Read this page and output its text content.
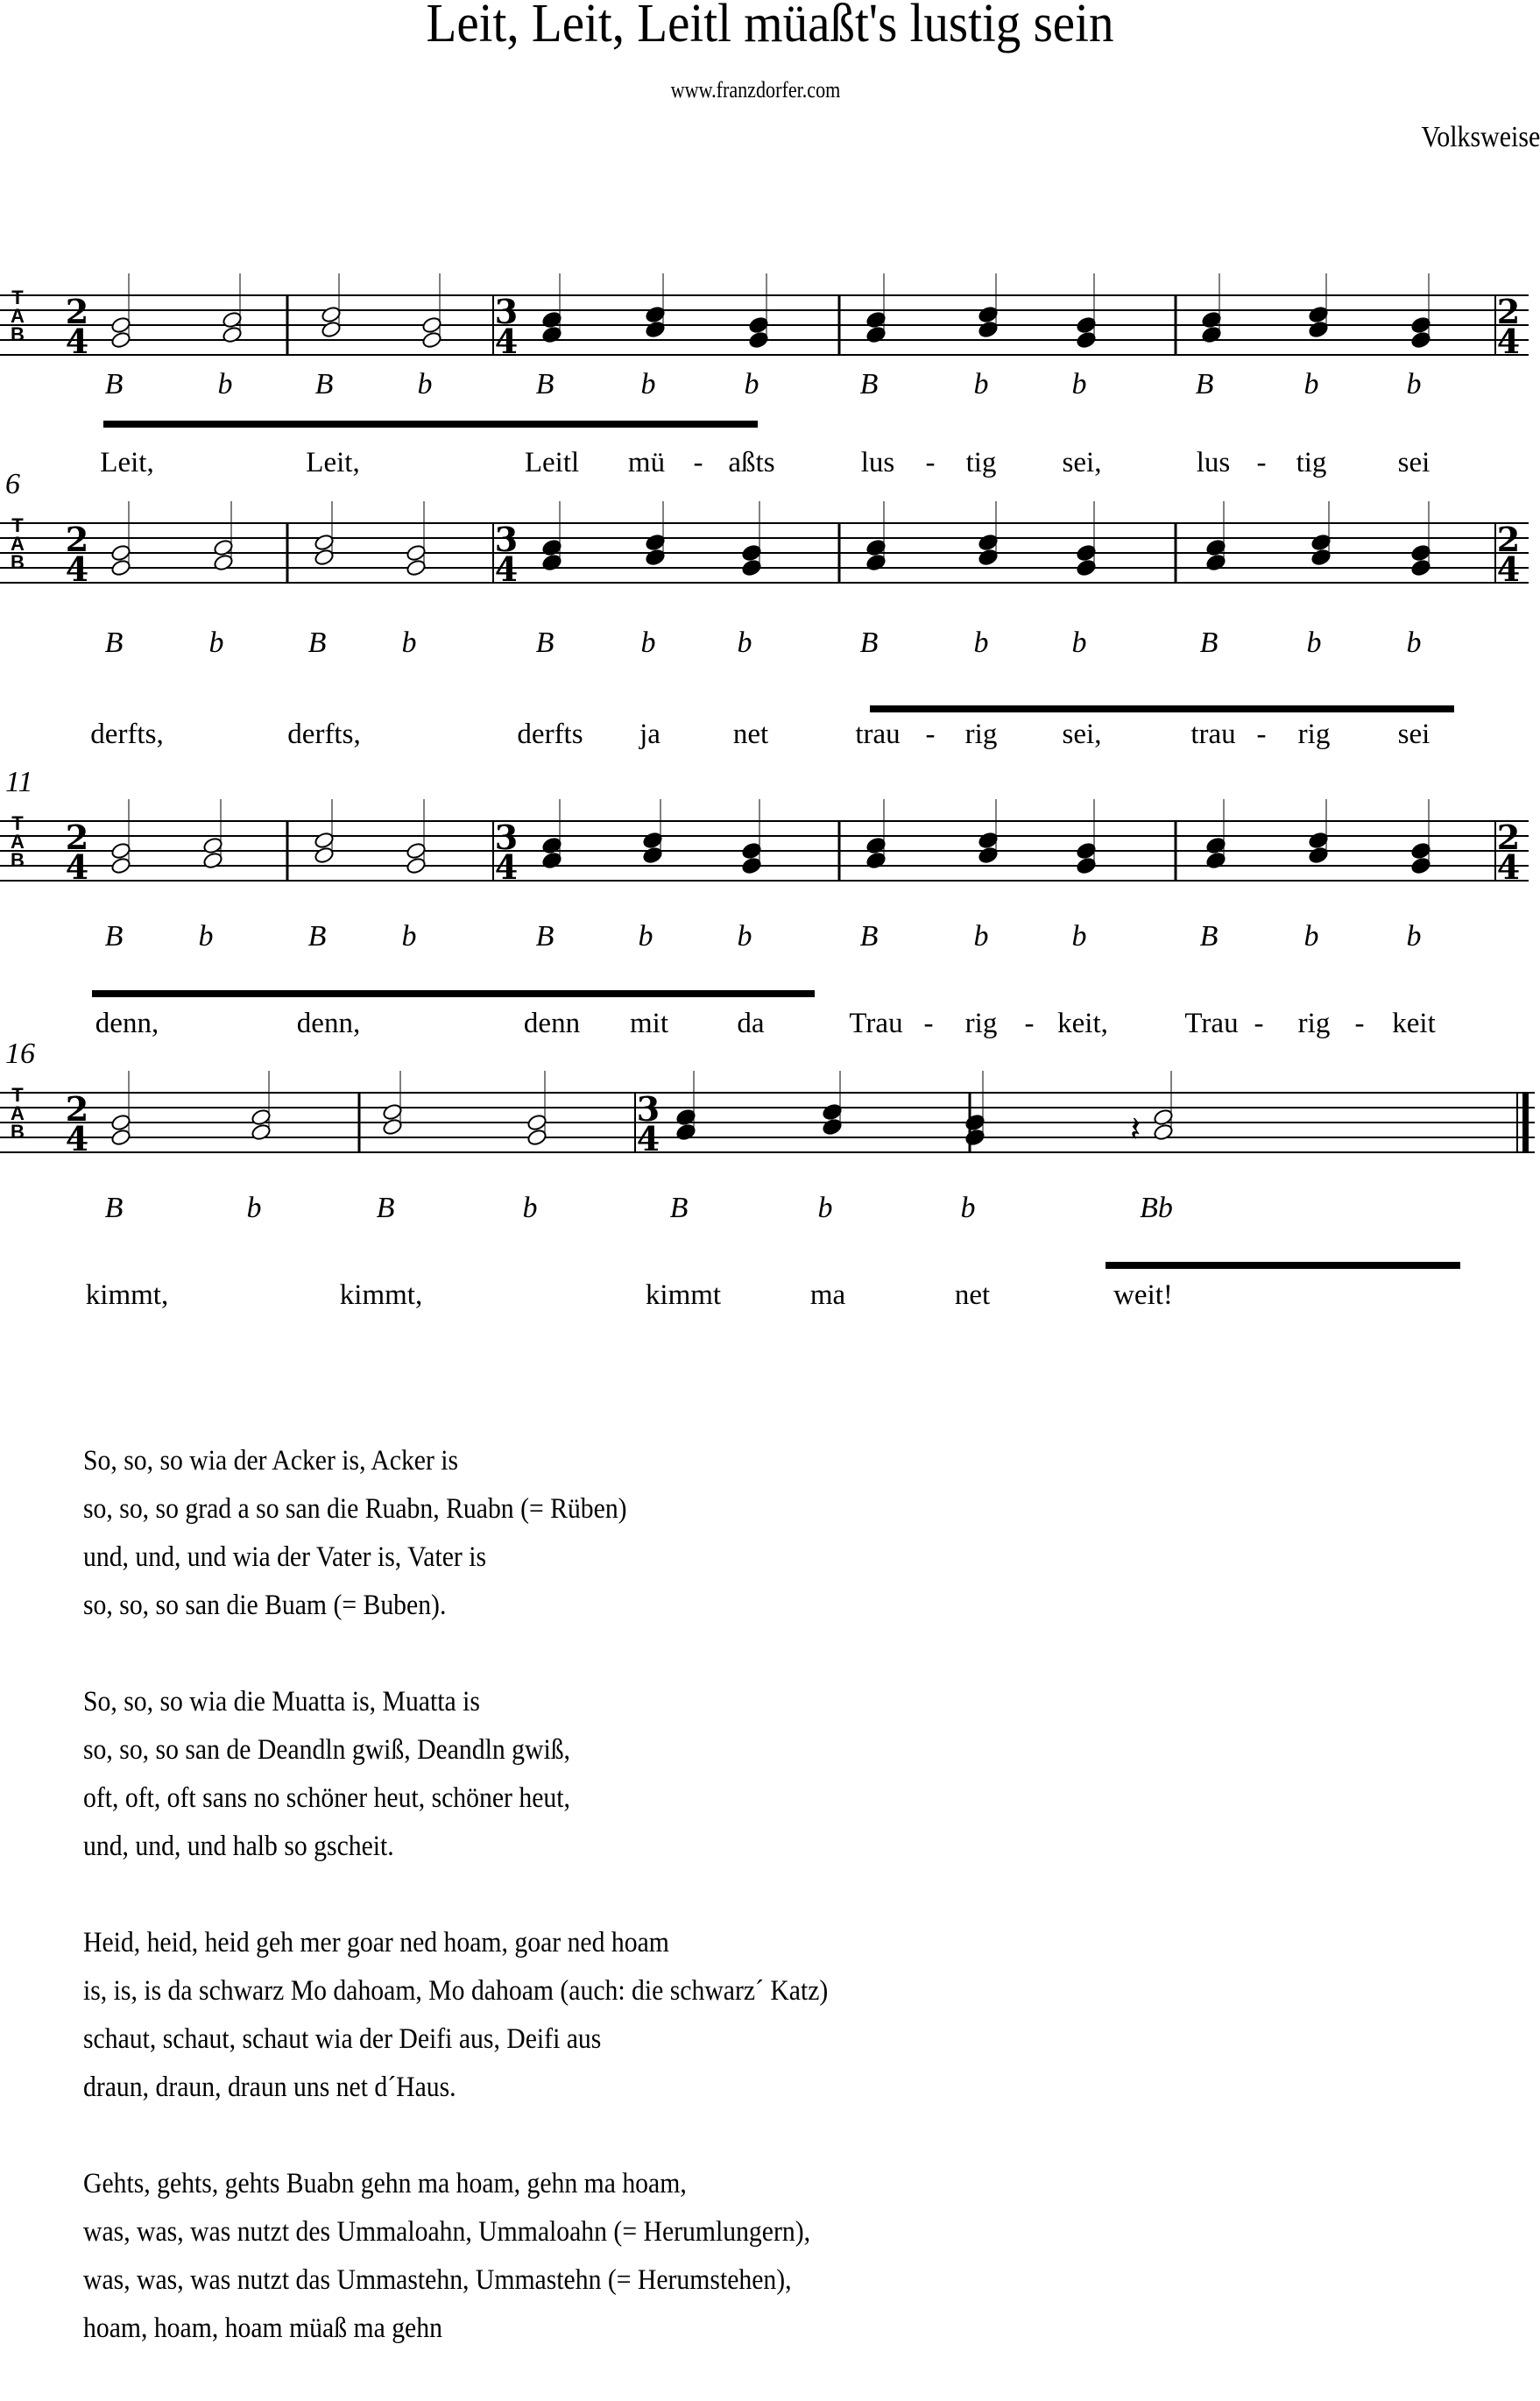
Leit, Leit, Leitl müaßt's lustig sein
www.franzdorfer.com
Volksweise
T
A
B
2
4
3
4
2
4
B	b	B	b	B	b	b	B	b	b	B	b	b
Leit,	Leit,	Leitl mü aßts	lus tig sei,	lus tig sei
-	-	-
6
T
A
B
2
4
3
4
2
4
B	b	B	b	B	b	b	B	b	b	B	b	b
derfts,	derfts,	derfts ja	net	trau rig sei,	trau rig sei
-	-
11
T
A
B
2
4
3
4
2
4
B	b	B	b	B	b	b	B	b	b	B	b	b
denn,	denn,	denn mit da	Trau rig keit,	Trau rig keit
-	-	-	-
16
T
A
B
2
4
3
4	𝄽
B	b	B	b	B	b	b	Bb
kimmt,	kimmt,	kimmt	ma	net	weit!
So, so, so wia der Acker is, Acker is
so, so, so grad a so san die Ruabn, Ruabn (= Rüben)
und, und, und wia der Vater is, Vater is
so, so, so san die Buam (= Buben).
So, so, so wia die Muatta is, Muatta is
so, so, so san de Deandln gwiß, Deandln gwiß,
oft, oft, oft sans no schöner heut, schöner heut,
und, und, und halb so gscheit.
Heid, heid, heid geh mer goar ned hoam, goar ned hoam
is, is, is da schwarz Mo dahoam, Mo dahoam (auch: die schwarz´ Katz)
schaut, schaut, schaut wia der Deifi aus, Deifi aus
draun, draun, draun uns net d´Haus.
Gehts, gehts, gehts Buabn gehn ma hoam, gehn ma hoam,
was, was, was nutzt des Ummaloahn, Ummaloahn (= Herumlungern),
was, was, was nutzt das Ummastehn, Ummastehn (= Herumstehen),
hoam, hoam, hoam müaß ma gehn
